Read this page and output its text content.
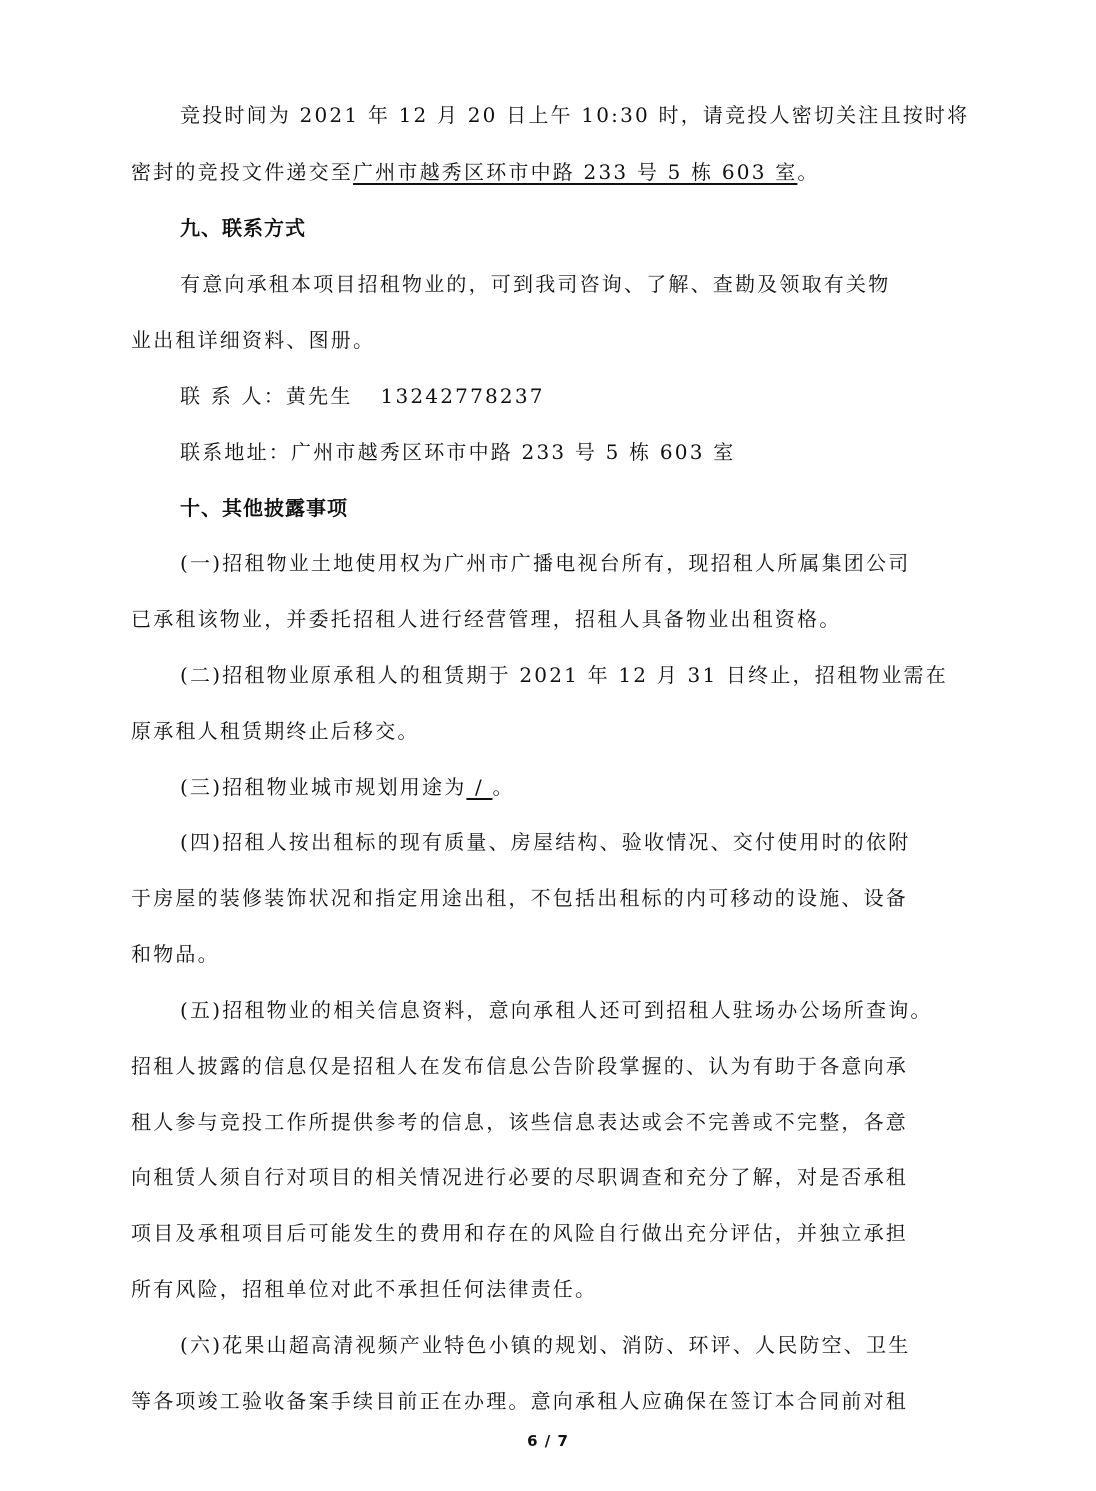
竞投时间为 2021 年 12 月 20 日上午 10:30 时，请竞投人密切关注且按时将
密封的竞投文件递交至广州市越秀区环市中路 233 号 5 栋 603 室。
九、联系方式
有意向承租本项目招租物业的，可到我司咨询、了解、查勘及领取有关物
业出租详细资料、图册。
联 系 人：黄先生 13242778237
联系地址：广州市越秀区环市中路 233 号 5 栋 603 室
十、其他披露事项
(一)招租物业土地使用权为广州市广播电视台所有，现招租人所属集团公司
已承租该物业，并委托招租人进行经营管理，招租人具备物业出租资格。
(二)招租物业原承租人的租赁期于 2021 年 12 月 31 日终止，招租物业需在
原承租人租赁期终止后移交。
(三)招租物业城市规划用途为 / 。
(四)招租人按出租标的现有质量、房屋结构、验收情况、交付使用时的依附
于房屋的装修装饰状况和指定用途出租，不包括出租标的内可移动的设施、设备
和物品。
(五)招租物业的相关信息资料，意向承租人还可到招租人驻场办公场所查询。
招租人披露的信息仅是招租人在发布信息公告阶段掌握的、认为有助于各意向承
租人参与竞投工作所提供参考的信息，该些信息表达或会不完善或不完整，各意
向租赁人须自行对项目的相关情况进行必要的尽职调查和充分了解，对是否承租
项目及承租项目后可能发生的费用和存在的风险自行做出充分评估，并独立承担
所有风险，招租单位对此不承担任何法律责任。
(六)花果山超高清视频产业特色小镇的规划、消防、环评、人民防空、卫生
等各项竣工验收备案手续目前正在办理。意向承租人应确保在签订本合同前对租
6 / 7
